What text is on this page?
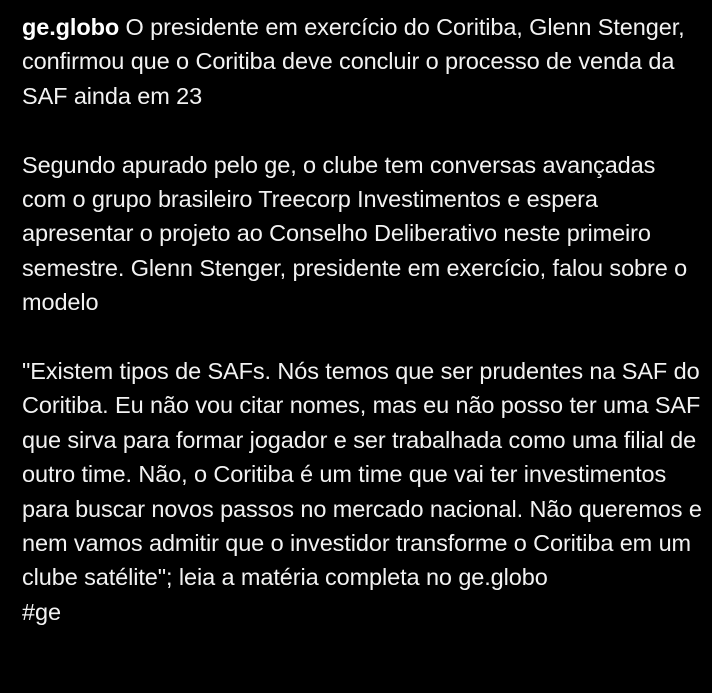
ge.globo O presidente em exercício do Coritiba, Glenn Stenger, confirmou que o Coritiba deve concluir o processo de venda da SAF ainda em 23

Segundo apurado pelo ge, o clube tem conversas avançadas com o grupo brasileiro Treecorp Investimentos e espera apresentar o projeto ao Conselho Deliberativo neste primeiro semestre. Glenn Stenger, presidente em exercício, falou sobre o modelo

"Existem tipos de SAFs. Nós temos que ser prudentes na SAF do Coritiba. Eu não vou citar nomes, mas eu não posso ter uma SAF que sirva para formar jogador e ser trabalhada como uma filial de outro time. Não, o Coritiba é um time que vai ter investimentos para buscar novos passos no mercado nacional. Não queremos e nem vamos admitir que o investidor transforme o Coritiba em um clube satélite"; leia a matéria completa no ge.globo
#ge
